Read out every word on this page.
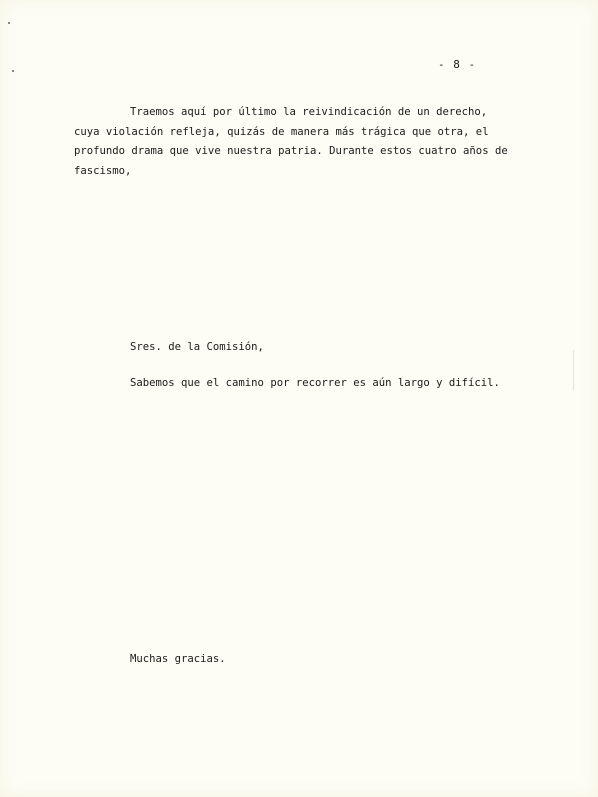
- 8 -

Traemos aquí por último la reivindicación de un derecho, cuya violación refleja, quizás de manera más trágica que otra, el profundo drama que vive nuestra patria. Durante estos cuatro años de fascismo,

Sres. de la Comisión,

Sabemos que el camino por recorrer es aún largo y difícil.

Muchas gracias.
